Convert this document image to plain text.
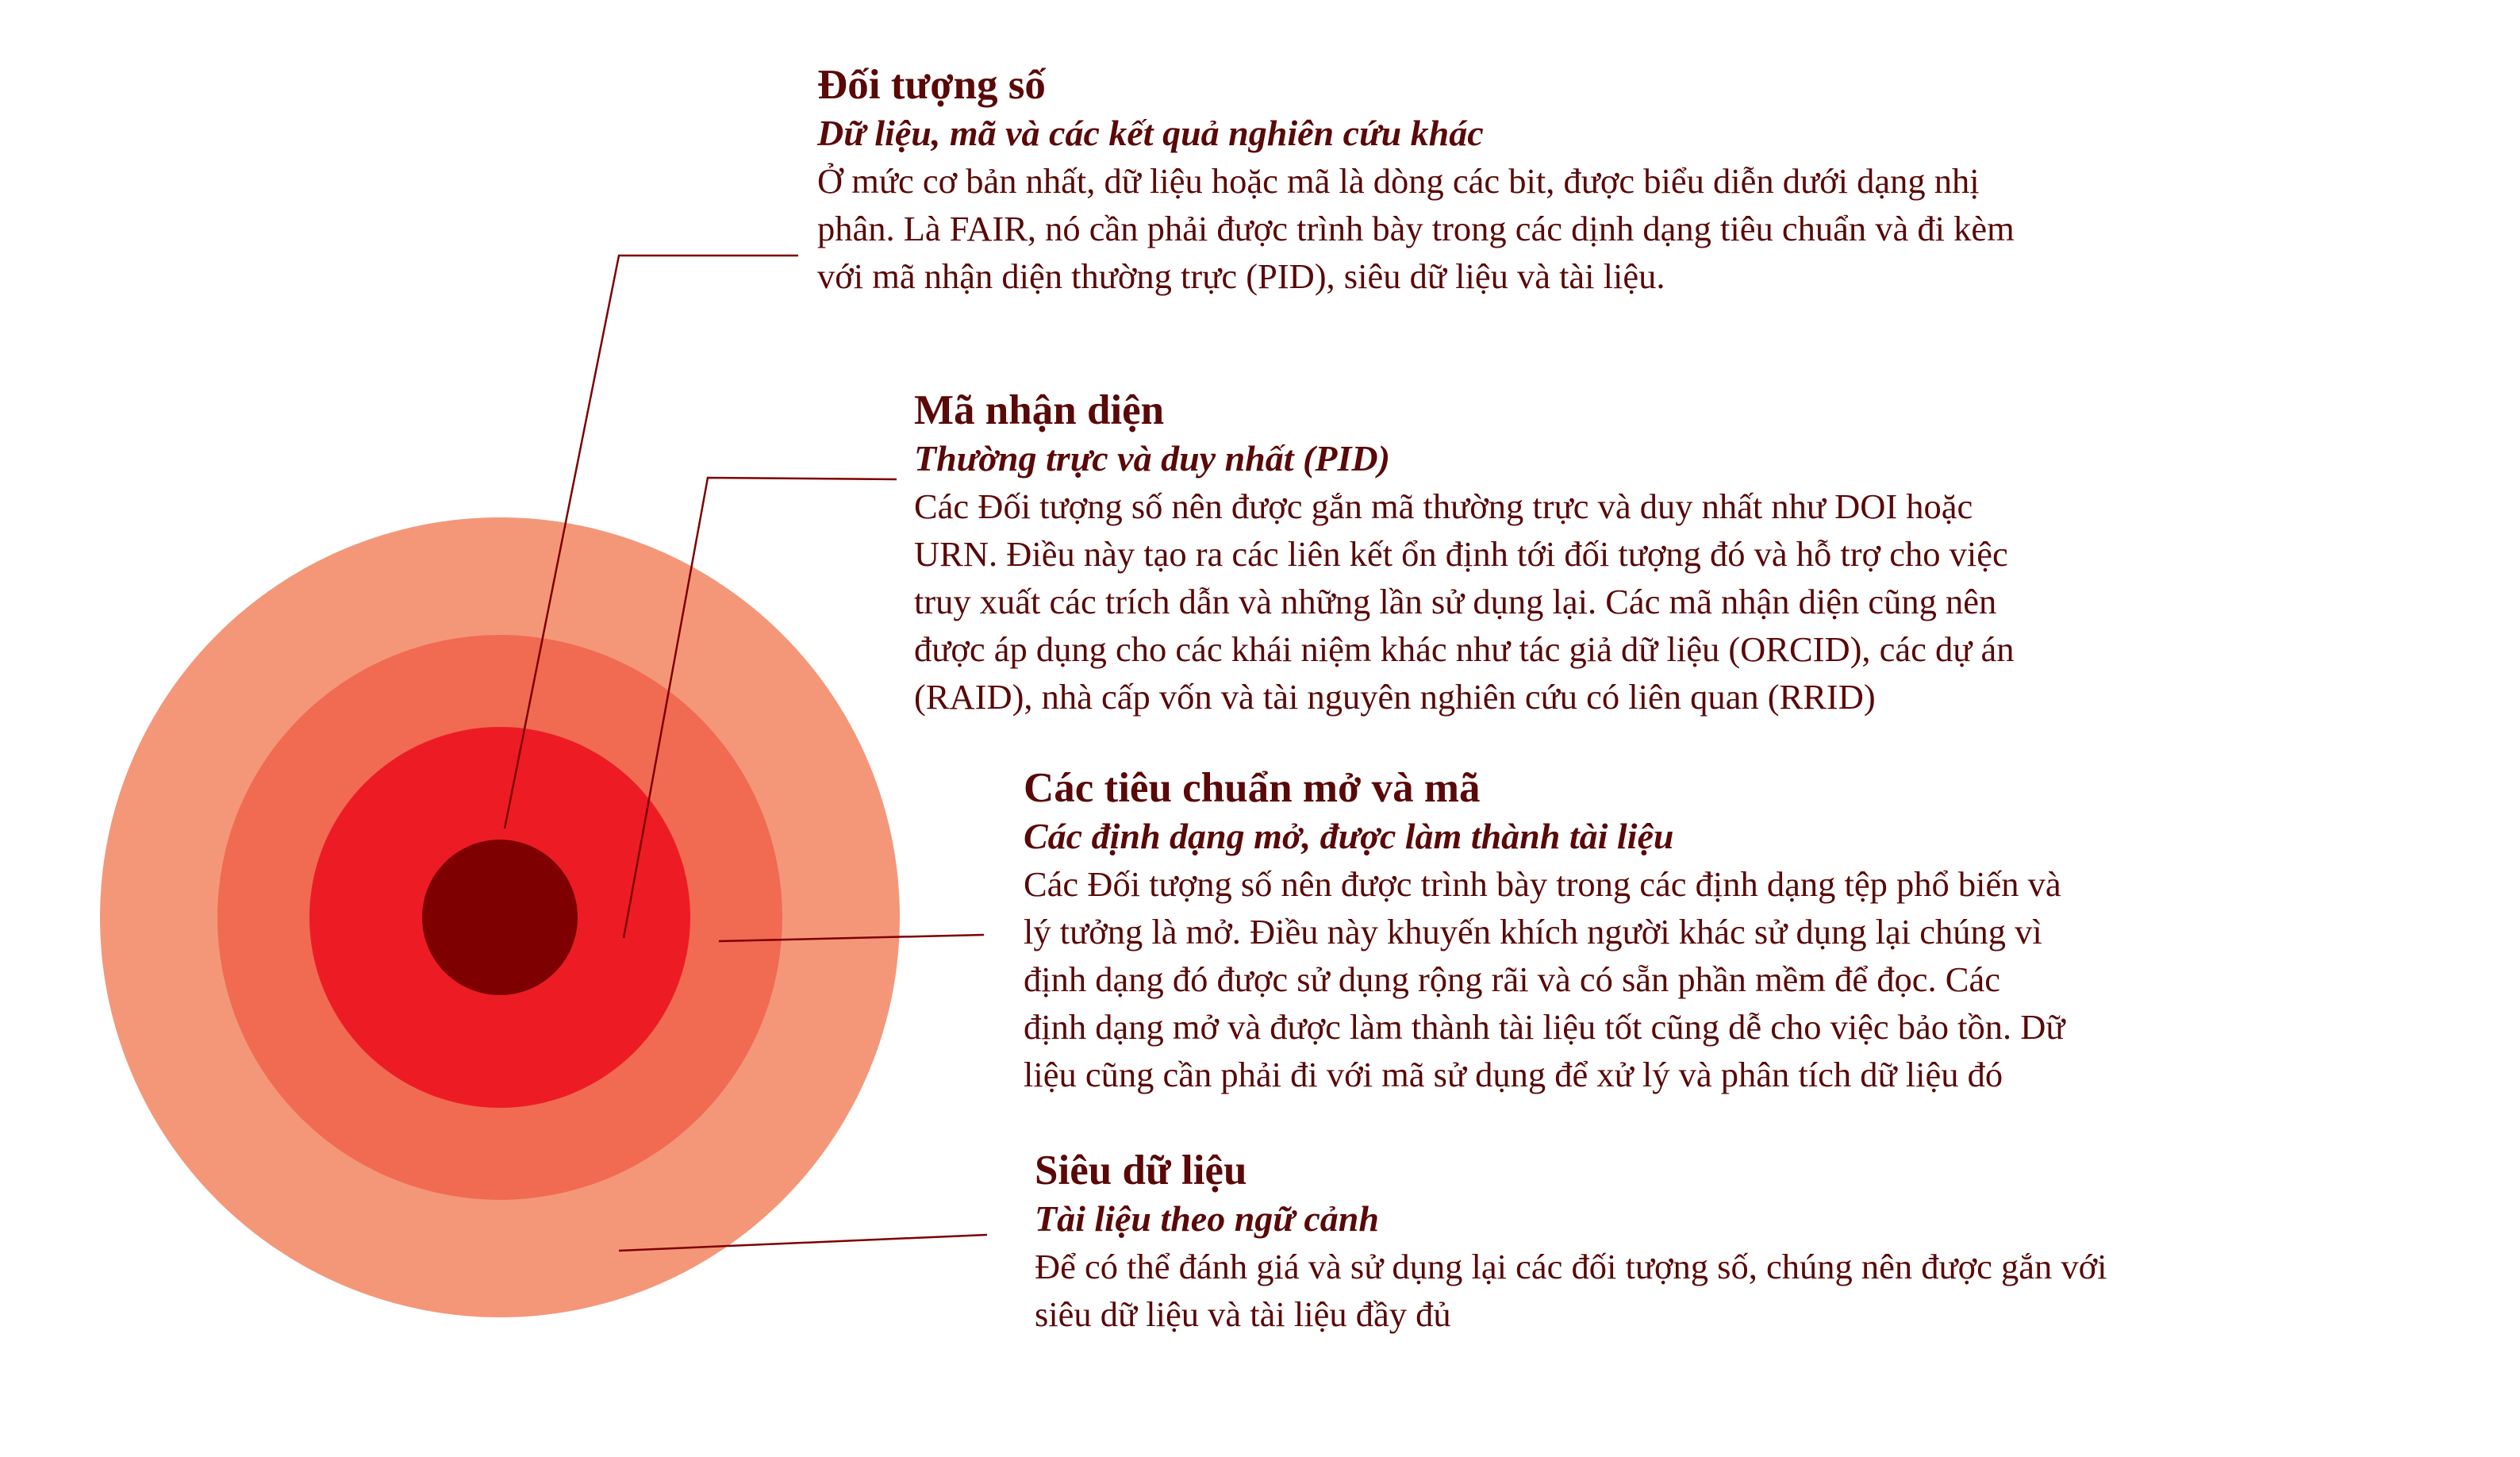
Đối tượng số
Dữ liệu, mã và các kết quả nghiên cứu khác
Ở mức cơ bản nhất, dữ liệu hoặc mã là dòng các bit, được biểu diễn dưới dạng nhị
phân. Là FAIR, nó cần phải được trình bày trong các dịnh dạng tiêu chuẩn và đi kèm
với mã nhận diện thường trực (PID), siêu dữ liệu và tài liệu.
Mã nhận diện
Thường trực và duy nhất (PID)
Các Đối tượng số nên được gắn mã thường trực và duy nhất như DOI hoặc
URN. Điều này tạo ra các liên kết ổn định tới đối tượng đó và hỗ trợ cho việc
truy xuất các trích dẫn và những lần sử dụng lại. Các mã nhận diện cũng nên
được áp dụng cho các khái niệm khác như tác giả dữ liệu (ORCID), các dự án
(RAID), nhà cấp vốn và tài nguyên nghiên cứu có liên quan (RRID)
Các tiêu chuẩn mở và mã
Các định dạng mở, được làm thành tài liệu
Các Đối tượng số nên được trình bày trong các định dạng tệp phổ biến và
lý tưởng là mở. Điều này khuyến khích người khác sử dụng lại chúng vì
định dạng đó được sử dụng rộng rãi và có sẵn phần mềm để đọc. Các
định dạng mở và được làm thành tài liệu tốt cũng dễ cho việc bảo tồn. Dữ
liệu cũng cần phải đi với mã sử dụng để xử lý và phân tích dữ liệu đó
Siêu dữ liệu
Tài liệu theo ngữ cảnh
Để có thể đánh giá và sử dụng lại các đối tượng số, chúng nên được gắn với
siêu dữ liệu và tài liệu đầy đủ
